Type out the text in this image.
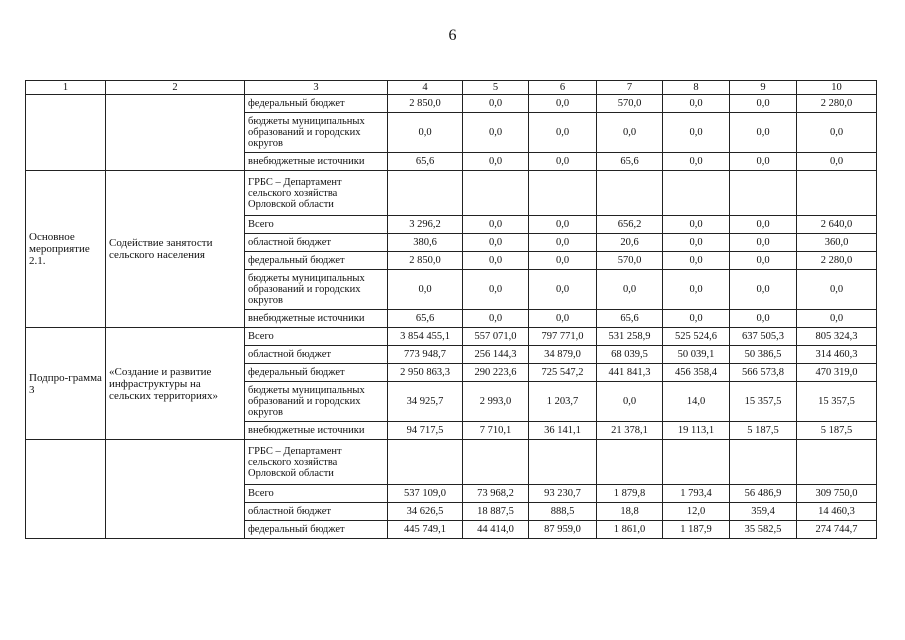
6
1	2	3	4	5	6	7	8	9	10
		федеральный бюджет	2 850,0	0,0	0,0	570,0	0,0	0,0	2 280,0
		бюджеты муниципальных образований и городских округов	0,0	0,0	0,0	0,0	0,0	0,0	0,0
		внебюджетные источники	65,6	0,0	0,0	65,6	0,0	0,0	0,0
Основное мероприятие 2.1.	Содействие занятости сельского населения	ГРБС – Департамент сельского хозяйства Орловской области							
		Всего	3 296,2	0,0	0,0	656,2	0,0	0,0	2 640,0
		областной бюджет	380,6	0,0	0,0	20,6	0,0	0,0	360,0
		федеральный бюджет	2 850,0	0,0	0,0	570,0	0,0	0,0	2 280,0
		бюджеты муниципальных образований и городских округов	0,0	0,0	0,0	0,0	0,0	0,0	0,0
		внебюджетные источники	65,6	0,0	0,0	65,6	0,0	0,0	0,0
Подпро-грамма 3	«Создание и развитие инфраструктуры на сельских территориях»	Всего	3 854 455,1	557 071,0	797 771,0	531 258,9	525 524,6	637 505,3	805 324,3
		областной бюджет	773 948,7	256 144,3	34 879,0	68 039,5	50 039,1	50 386,5	314 460,3
		федеральный бюджет	2 950 863,3	290 223,6	725 547,2	441 841,3	456 358,4	566 573,8	470 319,0
		бюджеты муниципальных образований и городских округов	34 925,7	2 993,0	1 203,7	0,0	14,0	15 357,5	15 357,5
		внебюджетные источники	94 717,5	7 710,1	36 141,1	21 378,1	19 113,1	5 187,5	5 187,5
		ГРБС – Департамент сельского хозяйства Орловской области							
		Всего	537 109,0	73 968,2	93 230,7	1 879,8	1 793,4	56 486,9	309 750,0
		областной бюджет	34 626,5	18 887,5	888,5	18,8	12,0	359,4	14 460,3
		федеральный бюджет	445 749,1	44 414,0	87 959,0	1 861,0	1 187,9	35 582,5	274 744,7
